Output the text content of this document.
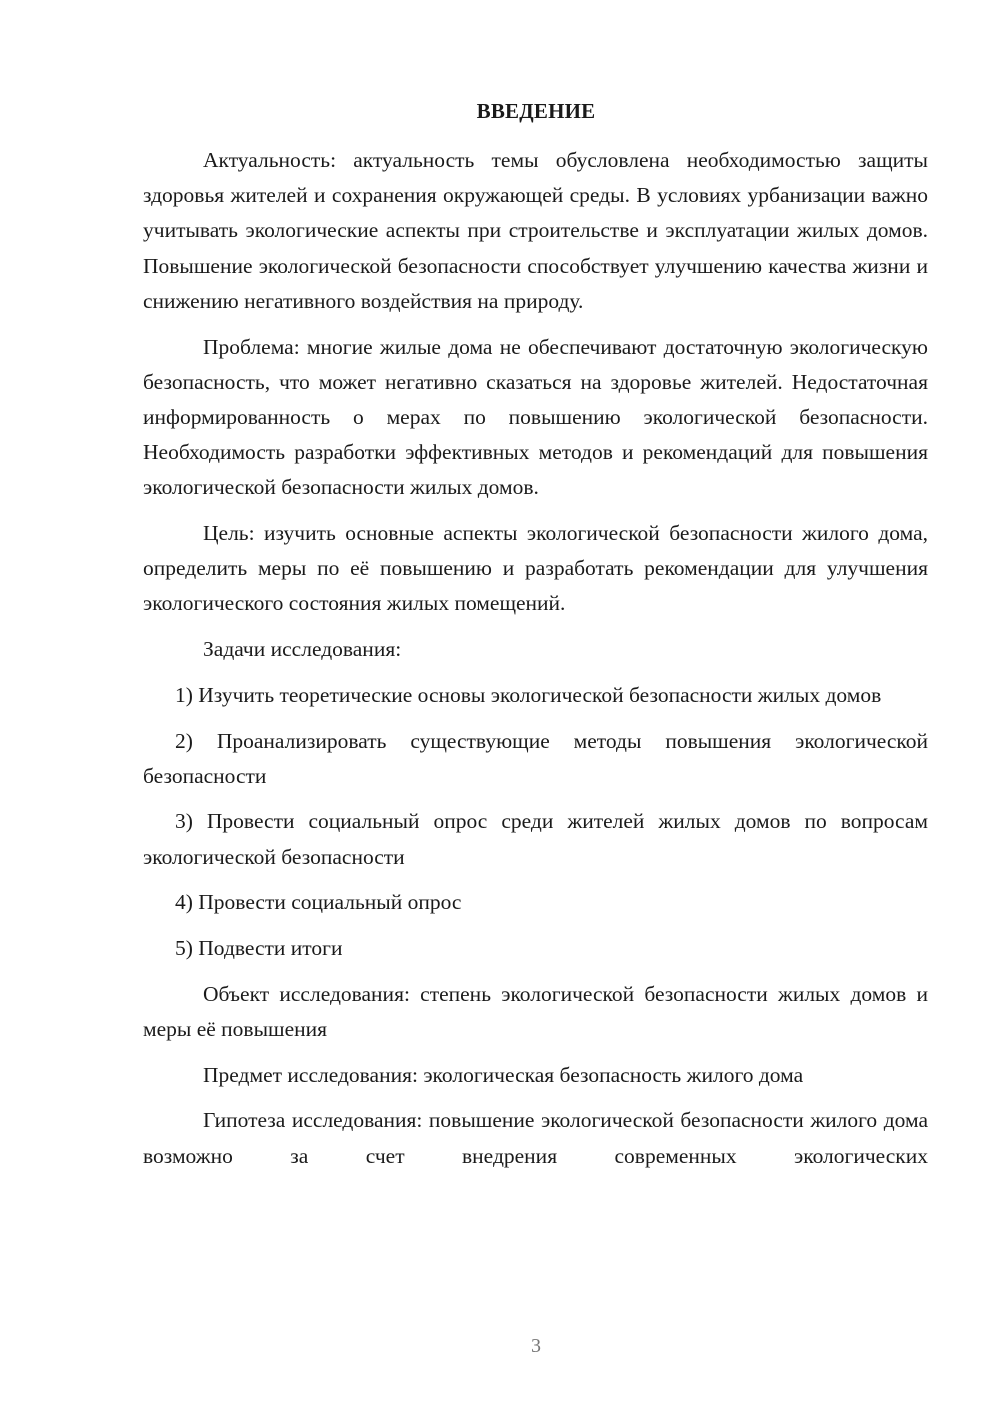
ВВЕДЕНИЕ

Актуальность: актуальность темы обусловлена необходимостью защиты здоровья жителей и сохранения окружающей среды. В условиях урбанизации важно учитывать экологические аспекты при строительстве и эксплуатации жилых домов. Повышение экологической безопасности способствует улучшению качества жизни и снижению негативного воздействия на природу.

Проблема: многие жилые дома не обеспечивают достаточную экологическую безопасность, что может негативно сказаться на здоровье жителей. Недостаточная информированность о мерах по повышению экологической безопасности. Необходимость разработки эффективных методов и рекомендаций для повышения экологической безопасности жилых домов.

Цель: изучить основные аспекты экологической безопасности жилого дома, определить меры по её повышению и разработать рекомендации для улучшения экологического состояния жилых помещений.

Задачи исследования:

1) Изучить теоретические основы экологической безопасности жилых домов

2) Проанализировать существующие методы повышения экологической безопасности

3) Провести социальный опрос среди жителей жилых домов по вопросам экологической безопасности

4) Провести социальный опрос

5) Подвести итоги

Объект исследования: степень экологической безопасности жилых домов и меры её повышения

Предмет исследования: экологическая безопасность жилого дома

Гипотеза исследования: повышение экологической безопасности жилого дома возможно за счет внедрения современных экологических

3
